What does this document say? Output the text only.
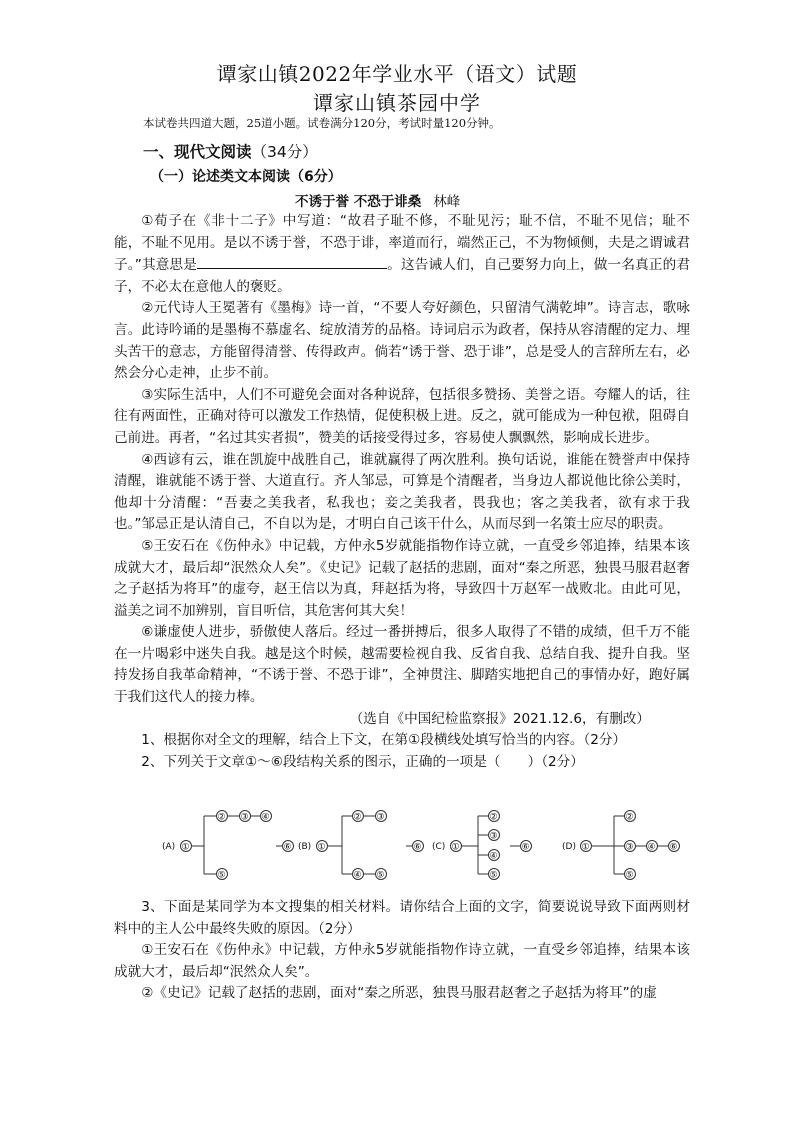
谭家山镇2022年学业水平（语文）试题
谭家山镇茶园中学
本试卷共四道大题，25道小题。试卷满分120分，考试时量120分钟。
一、现代文阅读（34分）
（一）论述类文本阅读（6分）
不诱于誉 不恐于诽桑 林峰

①荀子在《非十二子》中写道：“故君子耻不修，不耻见污；耻不信，不耻不见信；耻不能，不耻不见用。是以不诱于誉，不恐于诽，率道而行，端然正己，不为物倾侧，夫是之谓诚君子。”其意思是	。这告诫人们，自己要努力向上，做一名真正的君子，不必太在意他人的褒贬。

②元代诗人王冕著有《墨梅》诗一首，“不要人夸好颜色，只留清气满乾坤”。诗言志，歌咏言。此诗吟诵的是墨梅不慕虚名、绽放清芳的品格。诗词启示为政者，保持从容清醒的定力、埋头苦干的意志，方能留得清誉、传得政声。倘若“诱于誉、恐于诽”，总是受人的言辞所左右，必然会分心走神，止步不前。

③实际生活中，人们不可避免会面对各种说辞，包括很多赞扬、美誉之语。夸耀人的话，往往有两面性，正确对待可以激发工作热情，促使积极上进。反之，就可能成为一种包袱，阻碍自己前进。再者，“名过其实者损”，赞美的话接受得过多，容易使人飘飘然，影响成长进步。

④西谚有云，谁在凯旋中战胜自己，谁就赢得了两次胜利。换句话说，谁能在赞誉声中保持清醒，谁就能不诱于誉、大道直行。齐人邹忌，可算是个清醒者，当身边人都说他比徐公美时，他却十分清醒：“吾妻之美我者，私我也；妾之美我者，畏我也；客之美我者，欲有求于我也。”邹忌正是认清自己，不自以为是，才明白自己该干什么，从而尽到一名策士应尽的职责。

⑤王安石在《伤仲永》中记载，方仲永5岁就能指物作诗立就，一直受乡邻追捧，结果本该成就大才，最后却“泯然众人矣”。《史记》记载了赵括的悲剧，面对“秦之所恶，独畏马服君赵奢之子赵括为将耳”的虚夸，赵王信以为真，拜赵括为将，导致四十万赵军一战败北。由此可见，溢美之词不加辨别，盲目听信，其危害何其大矣！

⑥谦虚使人进步，骄傲使人落后。经过一番拼搏后，很多人取得了不错的成绩，但千万不能在一片喝彩中迷失自我。越是这个时候，越需要检视自我、反省自我、总结自我、提升自我。坚持发扬自我革命精神，“不诱于誉、不恐于诽”，全神贯注、脚踏实地把自己的事情办好，跑好属于我们这代人的接力棒。

（选自《中国纪检监察报》2021.12.6，有删改）

1、根据你对全文的理解，结合上下文，在第①段横线处填写恰当的内容。（2分）

2、下列关于文章①～⑥段结构关系的图示，正确的一项是（　　）（2分）

(A) ①
② ③ ④
⑤
⑥ (B) ①
② ③
④ ⑤
⑥ (C) ①
②
③
④
⑤
⑥	(D) ①
②
③ ④ ⑥
⑤

3、下面是某同学为本文搜集的相关材料。请你结合上面的文字，简要说说导致下面两则材料中的主人公中最终失败的原因。（2分）

①王安石在《伤仲永》中记载，方仲永5岁就能指物作诗立就，一直受乡邻追捧，结果本该成就大才，最后却“泯然众人矣”。

②《史记》记载了赵括的悲剧，面对“秦之所恶，独畏马服君赵奢之子赵括为将耳”的虚
